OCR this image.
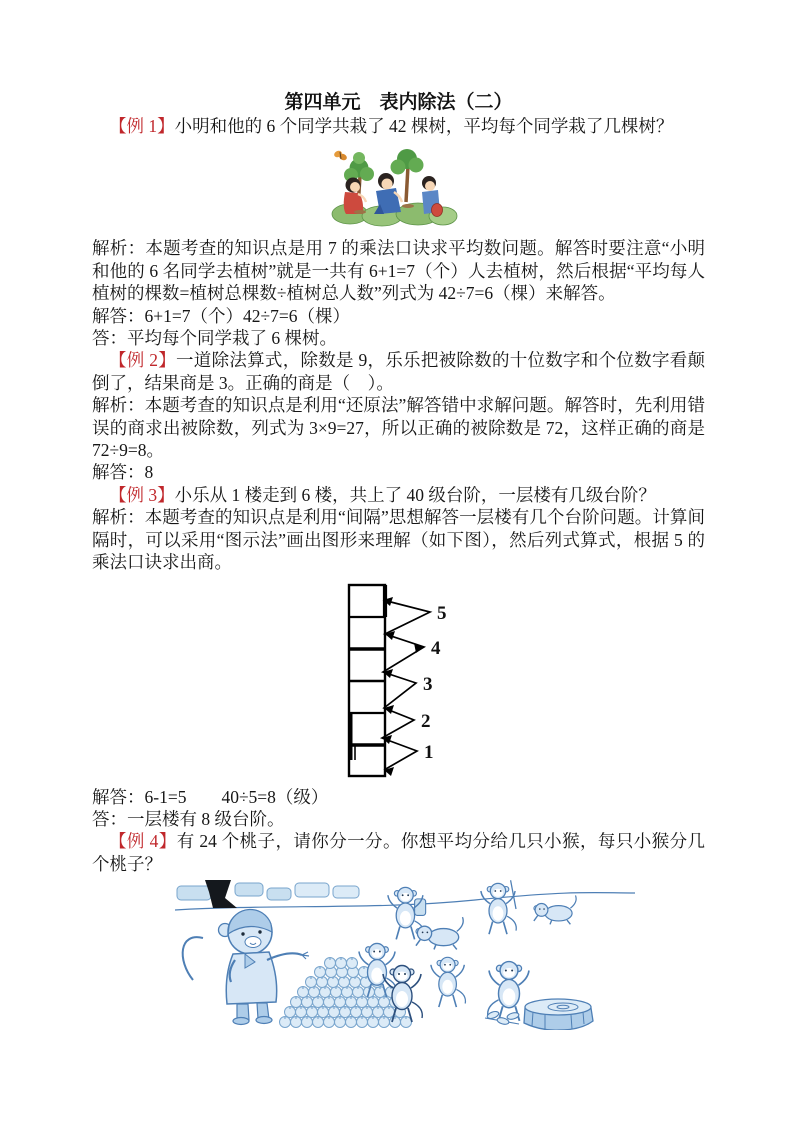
第四单元　表内除法（二）

【例 1】小明和他的 6 个同学共栽了 42 棵树，平均每个同学栽了几棵树？

解析：本题考查的知识点是用 7 的乘法口诀求平均数问题。解答时要注意“小明和他的 6 名同学去植树”就是一共有 6+1=7（个）人去植树，然后根据“平均每人植树的棵数=植树总棵数÷植树总人数”列式为 42÷7=6（棵）来解答。

解答：6+1=7（个）42÷7=6（棵）

答：平均每个同学栽了 6 棵树。

【例 2】一道除法算式，除数是 9，乐乐把被除数的十位数字和个位数字看颠倒了，结果商是 3。正确的商是（　）。

解析：本题考查的知识点是利用“还原法”解答错中求解问题。解答时，先利用错误的商求出被除数，列式为 3×9=27，所以正确的被除数是 72，这样正确的商是 72÷9=8。

解答：8

【例 3】小乐从 1 楼走到 6 楼，共上了 40 级台阶，一层楼有几级台阶？

解析：本题考查的知识点是利用“间隔”思想解答一层楼有几个台阶问题。计算间隔时，可以采用“图示法”画出图形来理解（如下图），然后列式算式，根据 5 的乘法口诀求出商。

5
4
3
2
1

解答：6-1=5　　40÷5=8（级）

答：一层楼有 8 级台阶。

【例 4】有 24 个桃子，请你分一分。你想平均分给几只小猴，每只小猴分几个桃子？
